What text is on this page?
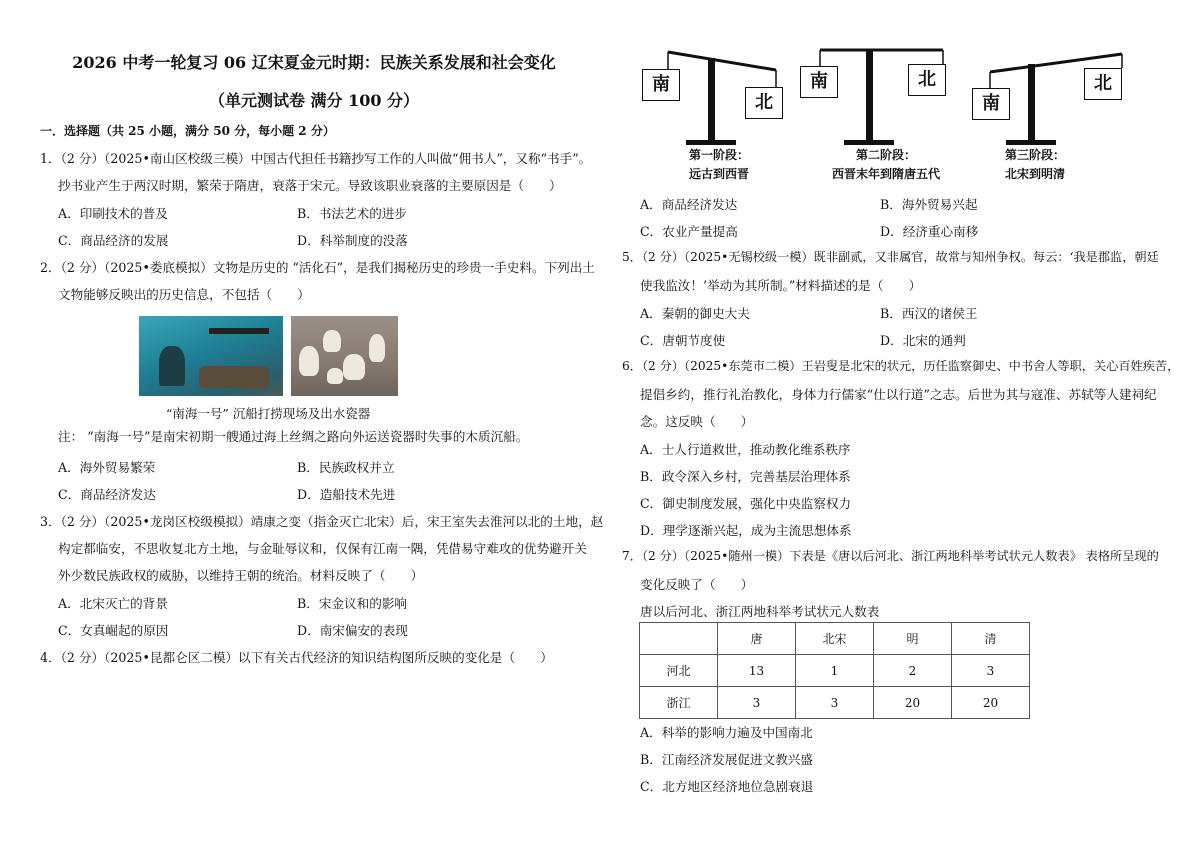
2026 中考一轮复习 06 辽宋夏金元时期：民族关系发展和社会变化
（单元测试卷 满分 100 分）
一．选择题（共 25 小题，满分 50 分，每小题 2 分）
1．（2 分）（2025•南山区校级三模）中国古代担任书籍抄写工作的人叫做“佣书人”，又称“书手”。
抄书业产生于两汉时期，繁荣于隋唐，衰落于宋元。导致该职业衰落的主要原因是（　　）
A．印刷技术的普及	B．书法艺术的进步
C．商品经济的发展	D．科举制度的没落
2．（2 分）（2025•娄底模拟）文物是历史的 “活化石”，是我们揭秘历史的珍贵一手史料。下列出土
文物能够反映出的历史信息，不包括（　　）
“南海一号” 沉船打捞现场及出水瓷器
注： “南海一号”是南宋初期一艘通过海上丝绸之路向外运送瓷器时失事的木质沉船。
A．海外贸易繁荣	B．民族政权并立
C．商品经济发达	D．造船技术先进
3．（2 分）（2025•龙岗区校级模拟）靖康之变（指金灭亡北宋）后，宋王室失去淮河以北的土地，赵
构定都临安，不思收复北方土地，与金耻辱议和，仅保有江南一隅，凭借易守难攻的优势避开关
外少数民族政权的威胁，以维持王朝的统治。材料反映了（　　）
A．北宋灭亡的背景	B．宋金议和的影响
C．女真崛起的原因	D．南宋偏安的表现
4．（2 分）（2025•昆都仑区二模）以下有关古代经济的知识结构图所反映的变化是（　　）
南
北
南	北
南
北
第一阶段：
远古到西晋
第二阶段：
西晋末年到隋唐五代
第三阶段：
北宋到明清
A．商品经济发达	B．海外贸易兴起
C．农业产量提高	D．经济重心南移
5．（2 分）（2025•无锡校级一模）既非副贰，又非属官，故常与知州争权。每云：‘我是郡监，朝廷
使我监汝！’举动为其所制。”材料描述的是（　　）
A．秦朝的御史大夫	B．西汉的诸侯王
C．唐朝节度使	D．北宋的通判
6．（2 分）（2025•东莞市二模）王岩叟是北宋的状元，历任监察御史、中书舍人等职，关心百姓疾苦，
提倡乡约，推行礼治教化，身体力行儒家“仕以行道”之志。后世为其与寇准、苏轼等人建祠纪
念。这反映（　　）
A．士人行道救世，推动教化维系秩序
B．政令深入乡村，完善基层治理体系
C．御史制度发展，强化中央监察权力
D．理学逐渐兴起，成为主流思想体系
7．（2 分）（2025•随州一模）下表是《唐以后河北、浙江两地科举考试状元人数表》 表格所呈现的
变化反映了（　　）
唐以后河北、浙江两地科举考试状元人数表
	唐	北宋	明	清
河北	13	1	2	3
浙江	3	3	20	20
A．科举的影响力遍及中国南北
B．江南经济发展促进文教兴盛
C．北方地区经济地位急剧衰退
